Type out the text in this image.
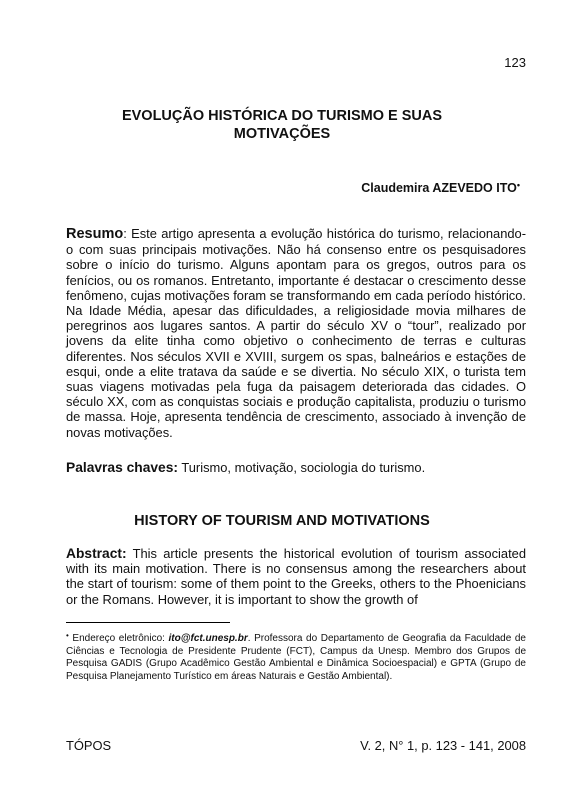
123
EVOLUÇÃO HISTÓRICA DO TURISMO E SUAS
MOTIVAÇÕES
Claudemira AZEVEDO ITO•
Resumo: Este artigo apresenta a evolução histórica do turismo, relacionando-o com suas principais motivações. Não há consenso entre os pesquisadores sobre o início do turismo. Alguns apontam para os gregos, outros para os fenícios, ou os romanos. Entretanto, importante é destacar o crescimento desse fenômeno, cujas motivações foram se transformando em cada período histórico. Na Idade Média, apesar das dificuldades, a religiosidade movia milhares de peregrinos aos lugares santos. A partir do século XV o “tour”, realizado por jovens da elite tinha como objetivo o conhecimento de terras e culturas diferentes. Nos séculos XVII e XVIII, surgem os spas, balneários e estações de esqui, onde a elite tratava da saúde e se divertia. No século XIX, o turista tem suas viagens motivadas pela fuga da paisagem deteriorada das cidades. O século XX, com as conquistas sociais e produção capitalista, produziu o turismo de massa. Hoje, apresenta tendência de crescimento, associado à invenção de novas motivações.
Palavras chaves: Turismo, motivação, sociologia do turismo.
HISTORY OF TOURISM AND MOTIVATIONS
Abstract: This article presents the historical evolution of tourism associated with its main motivation. There is no consensus among the researchers about the start of tourism: some of them point to the Greeks, others to the Phoenicians or the Romans. However, it is important to show the growth of
• Endereço eletrônico: ito@fct.unesp.br. Professora do Departamento de Geografia da Faculdade de Ciências e Tecnologia de Presidente Prudente (FCT), Campus da Unesp. Membro dos Grupos de Pesquisa GADIS (Grupo Acadêmico Gestão Ambiental e Dinâmica Socioespacial) e GPTA (Grupo de Pesquisa Planejamento Turístico em áreas Naturais e Gestão Ambiental).
TÓPOS	V. 2, N° 1, p. 123 - 141, 2008
